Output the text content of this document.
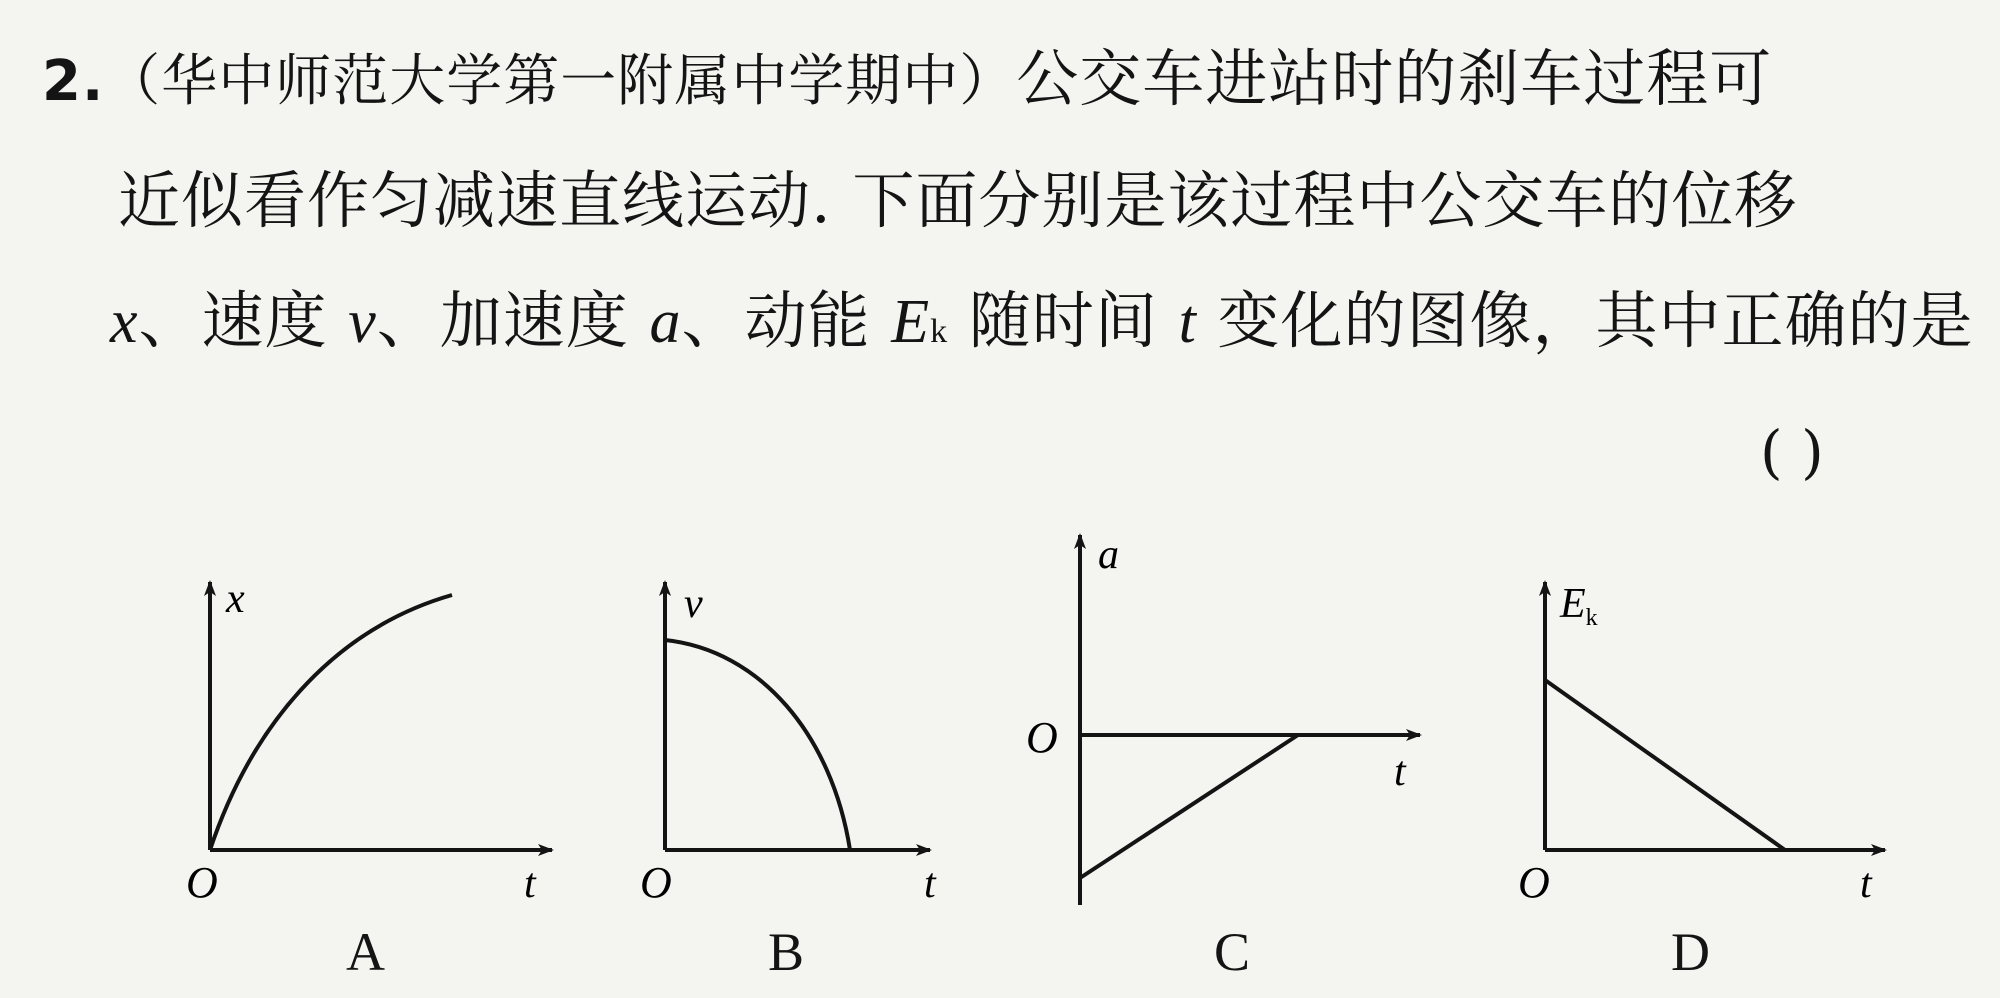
2.（华中师范大学第一附属中学期中）公交车进站时的刹车过程可
近似看作匀减速直线运动. 下面分别是该过程中公交车的位移
x、速度 v、加速度 a、动能 Ek 随时间 t 变化的图像，其中正确的是
( )
x
t
O
v
t
O
a
t
O
Ek
t
O
A	B	C	D
